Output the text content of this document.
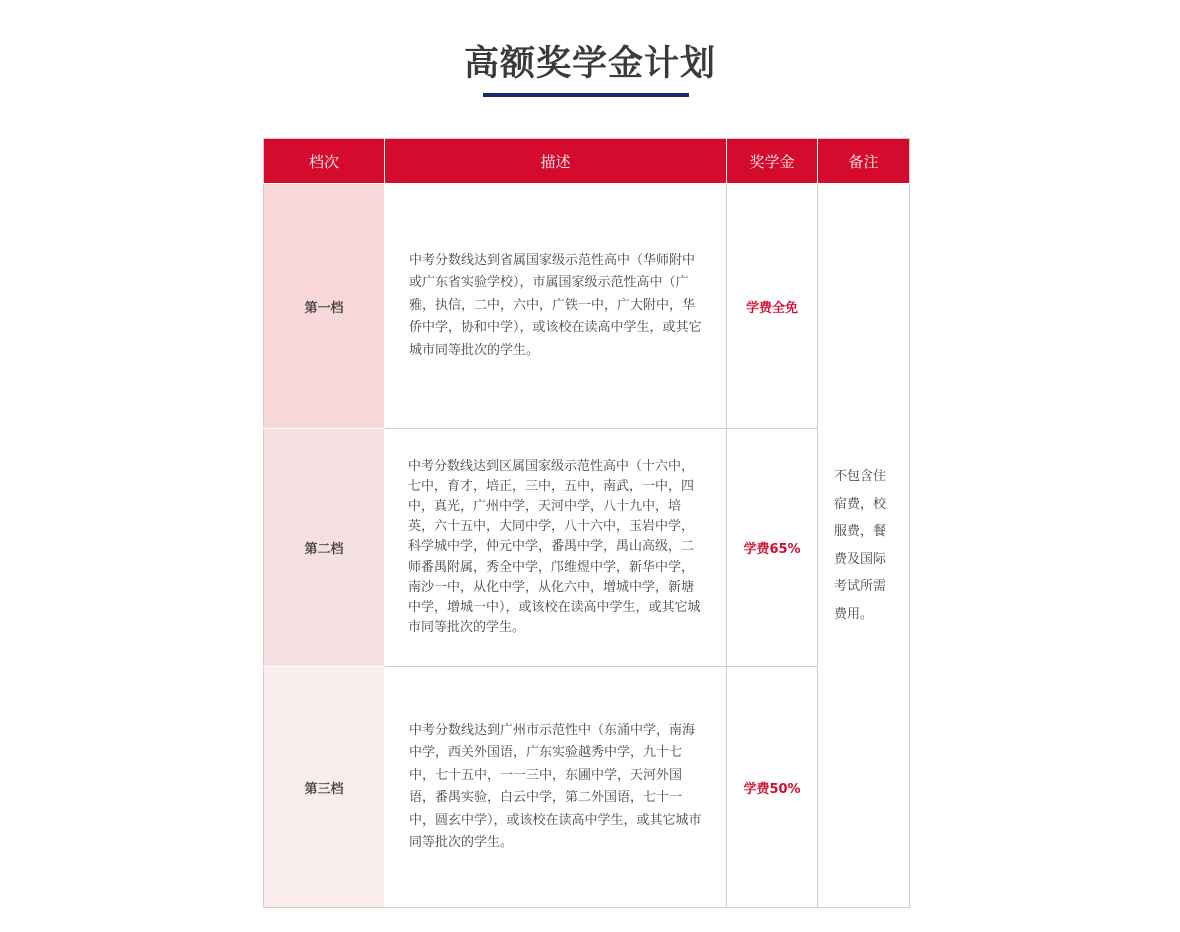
高额奖学金计划
档次	描述	奖学金	备注
第一档	中考分数线达到省属国家级示范性高中（华师附中或广东省实验学校），市属国家级示范性高中（广雅，执信，二中，六中，广铁一中，广大附中，华侨中学，协和中学），或该校在读高中学生，或其它城市同等批次的学生。	学费全免	不包含住宿费，校服费，餐费及国际考试所需费用。

第二档	中考分数线达到区属国家级示范性高中（十六中，七中，育才，培正，三中，五中，南武，一中，四中，真光，广州中学，天河中学，八十九中，培英，六十五中，大同中学，八十六中，玉岩中学，科学城中学，仲元中学，番禺中学，禺山高级，二师番禺附属，秀全中学，邝维煜中学，新华中学，南沙一中，从化中学，从化六中，增城中学，新塘中学，增城一中），或该校在读高中学生，或其它城市同等批次的学生。	学费65%	
第三档	中考分数线达到广州市示范性中（东涌中学，南海中学，西关外国语，广东实验越秀中学，九十七中，七十五中，一一三中，东圃中学，天河外国语，番禺实验，白云中学，第二外国语，七十一中，圆玄中学），或该校在读高中学生，或其它城市同等批次的学生。	学费50%	
